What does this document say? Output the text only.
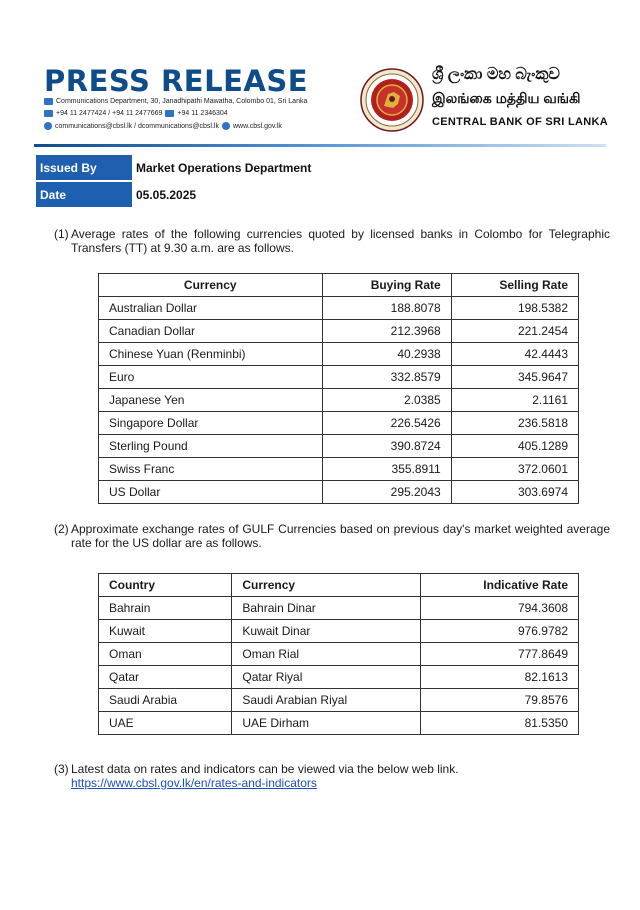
PRESS RELEASE
Communications Department, 30, Janadhipathi Mawatha, Colombo 01, Sri Lanka
+94 11 2477424 / +94 11 2477669 +94 11 2346304
communications@cbsl.lk / dcommunications@cbsl.lk www.cbsl.gov.lk
ශ්‍රී ලංකා මහ බැංකුව
இலங்கை மத்திய வங்கி
CENTRAL BANK OF SRI LANKA
Issued By	Market Operations Department
Date	05.05.2025
(1) Average rates of the following currencies quoted by licensed banks in Colombo for Telegraphic Transfers (TT) at 9.30 a.m. are as follows.
Currency	Buying Rate	Selling Rate
Australian Dollar	188.8078	198.5382
Canadian Dollar	212.3968	221.2454
Chinese Yuan (Renminbi)	40.2938	42.4443
Euro	332.8579	345.9647
Japanese Yen	2.0385	2.1161
Singapore Dollar	226.5426	236.5818
Sterling Pound	390.8724	405.1289
Swiss Franc	355.8911	372.0601
US Dollar	295.2043	303.6974
(2) Approximate exchange rates of GULF Currencies based on previous day's market weighted average rate for the US dollar are as follows.
Country	Currency	Indicative Rate
Bahrain	Bahrain Dinar	794.3608
Kuwait	Kuwait Dinar	976.9782
Oman	Oman Rial	777.8649
Qatar	Qatar Riyal	82.1613
Saudi Arabia	Saudi Arabian Riyal	79.8576
UAE	UAE Dirham	81.5350
(3) Latest data on rates and indicators can be viewed via the below web link.
https://www.cbsl.gov.lk/en/rates-and-indicators
